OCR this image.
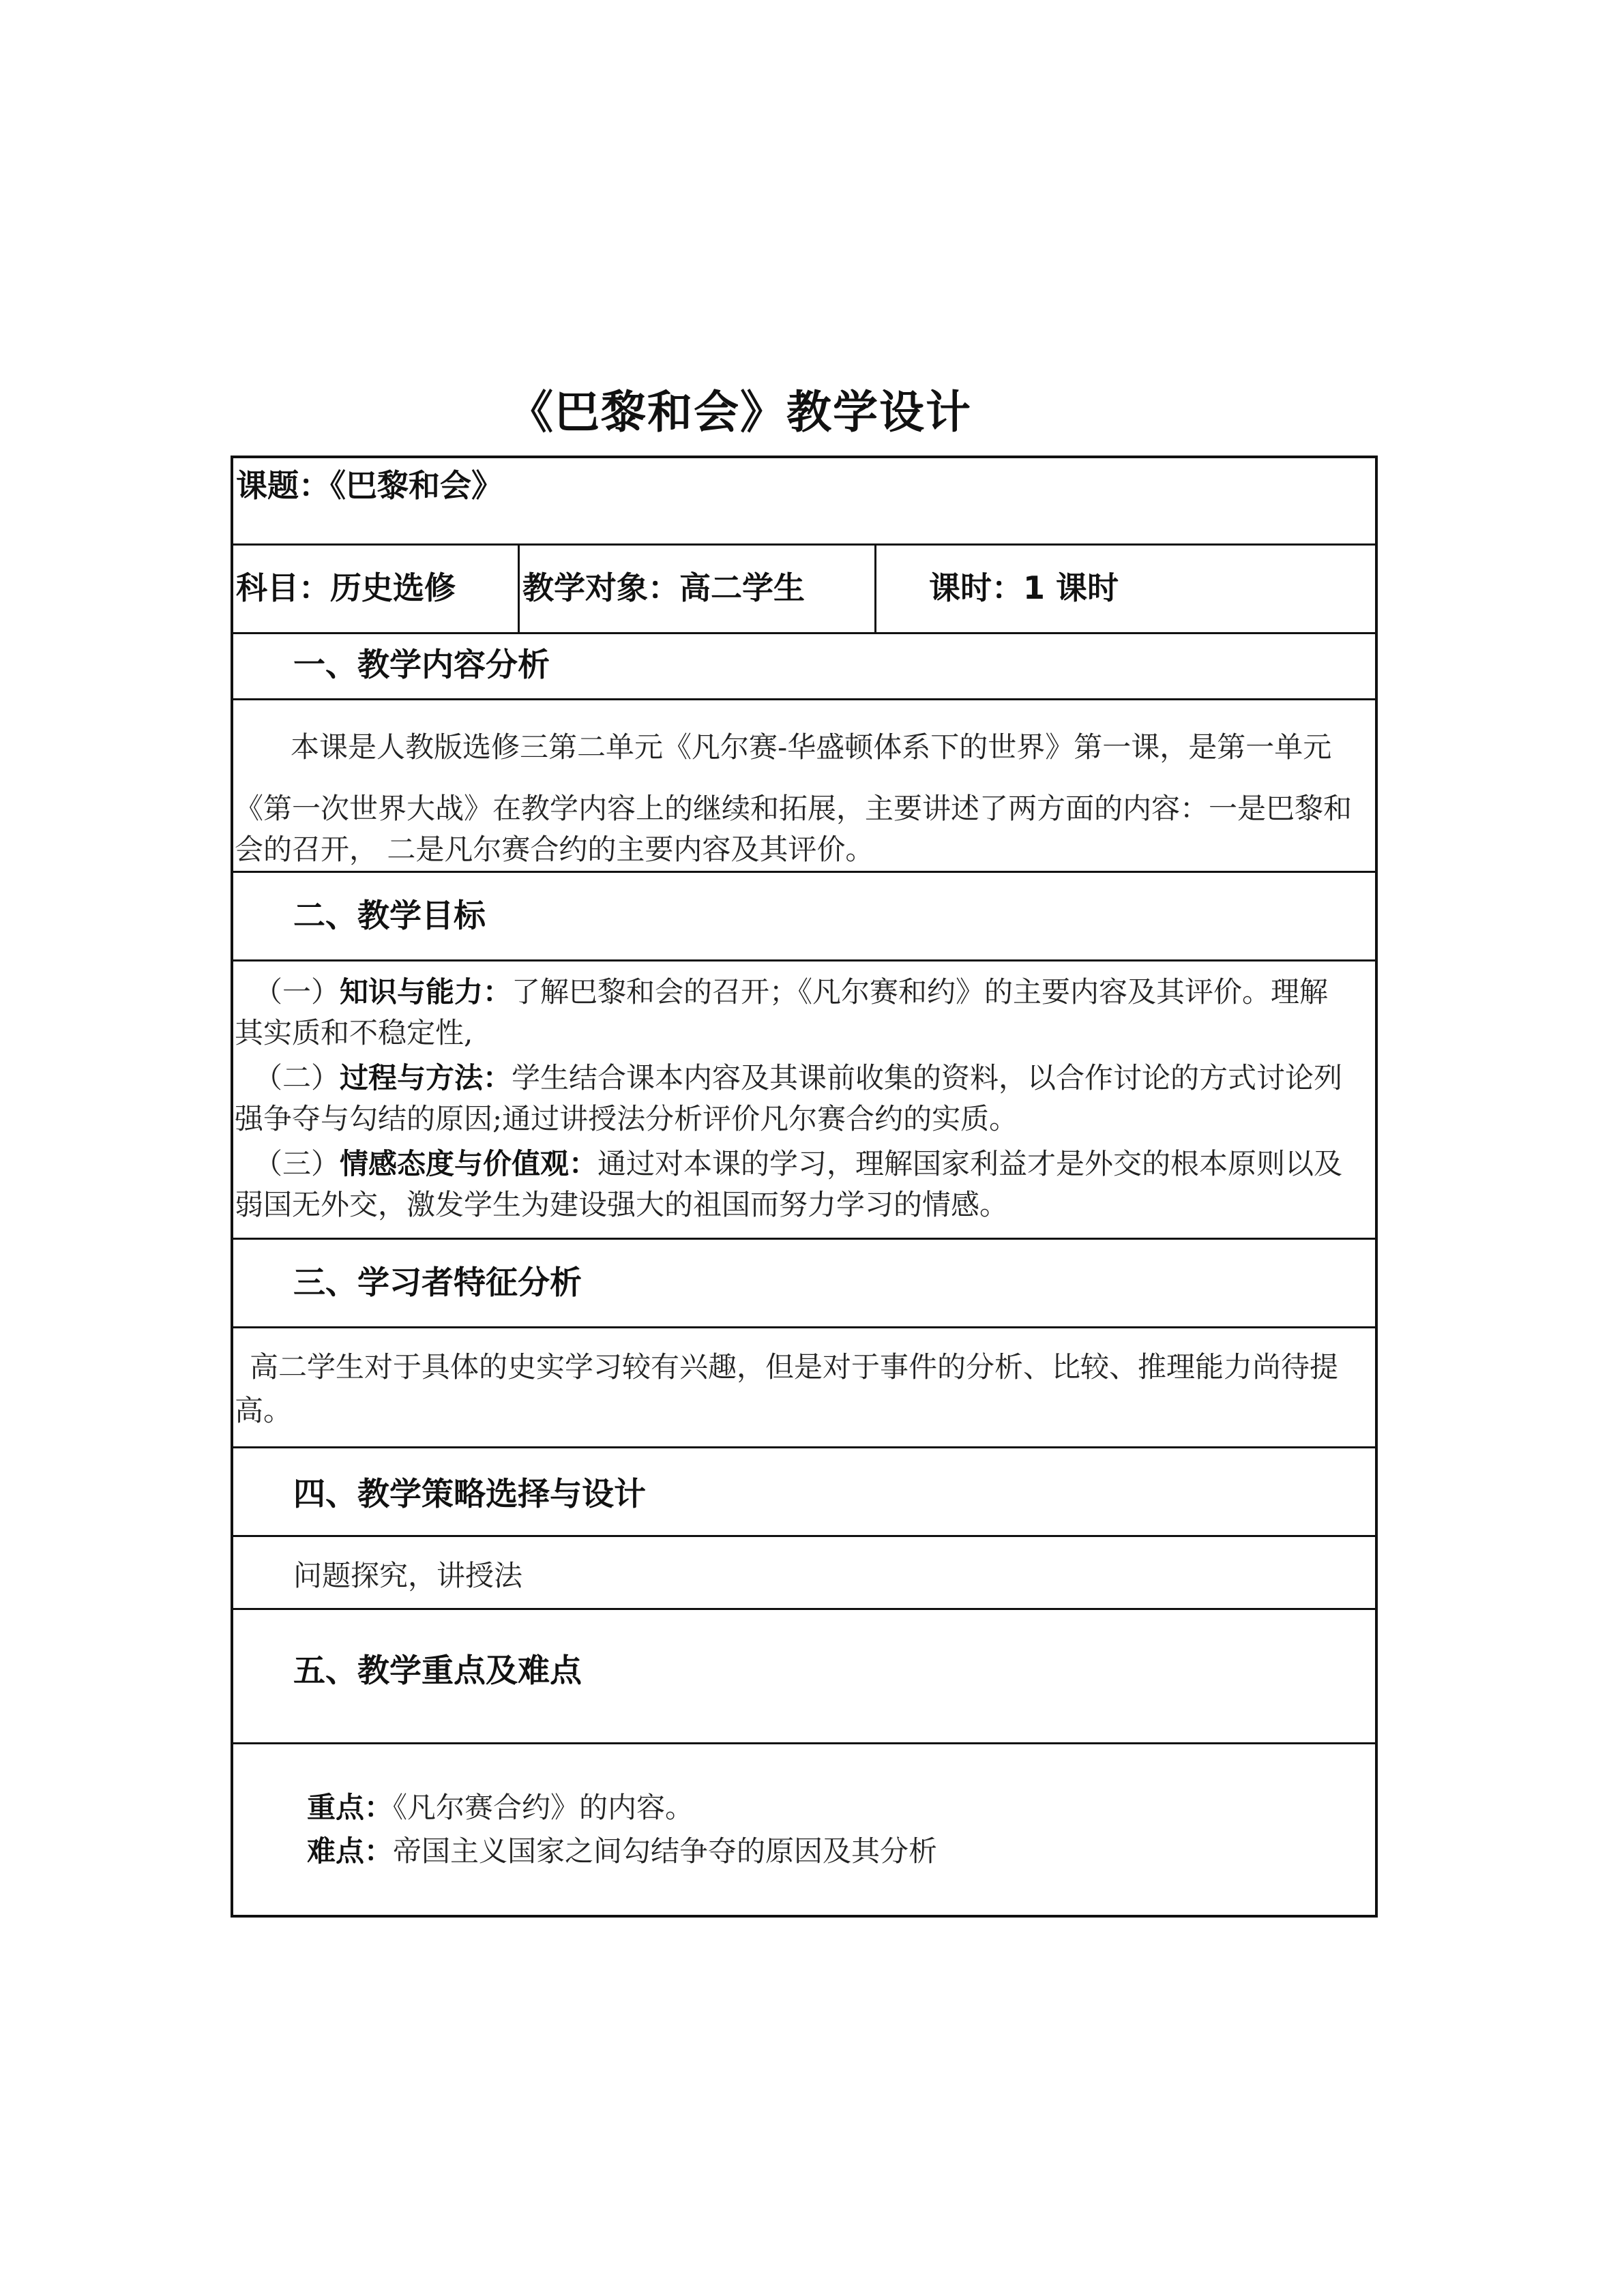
《巴黎和会》教学设计
课题：《巴黎和会》
科目：历史选修 教学对象：高二学生	课时：1 课时
一、教学内容分析
本课是人教版选修三第二单元《凡尔赛-华盛顿体系下的世界》第一课，是第一单元
《第一次世界大战》在教学内容上的继续和拓展，主要讲述了两方面的内容：一是巴黎和
会的召开， 二是凡尔赛合约的主要内容及其评价。
二、教学目标
（一）知识与能力：了解巴黎和会的召开；《凡尔赛和约》的主要内容及其评价。理解
其实质和不稳定性,
（二）过程与方法：学生结合课本内容及其课前收集的资料，以合作讨论的方式讨论列
强争夺与勾结的原因;通过讲授法分析评价凡尔赛合约的实质。
（三）情感态度与价值观：通过对本课的学习，理解国家利益才是外交的根本原则以及
弱国无外交，激发学生为建设强大的祖国而努力学习的情感。
三、学习者特征分析
高二学生对于具体的史实学习较有兴趣，但是对于事件的分析、比较、推理能力尚待提
高。
四、教学策略选择与设计
问题探究，讲授法
五、教学重点及难点
重点：《凡尔赛合约》的内容。
难点：帝国主义国家之间勾结争夺的原因及其分析
